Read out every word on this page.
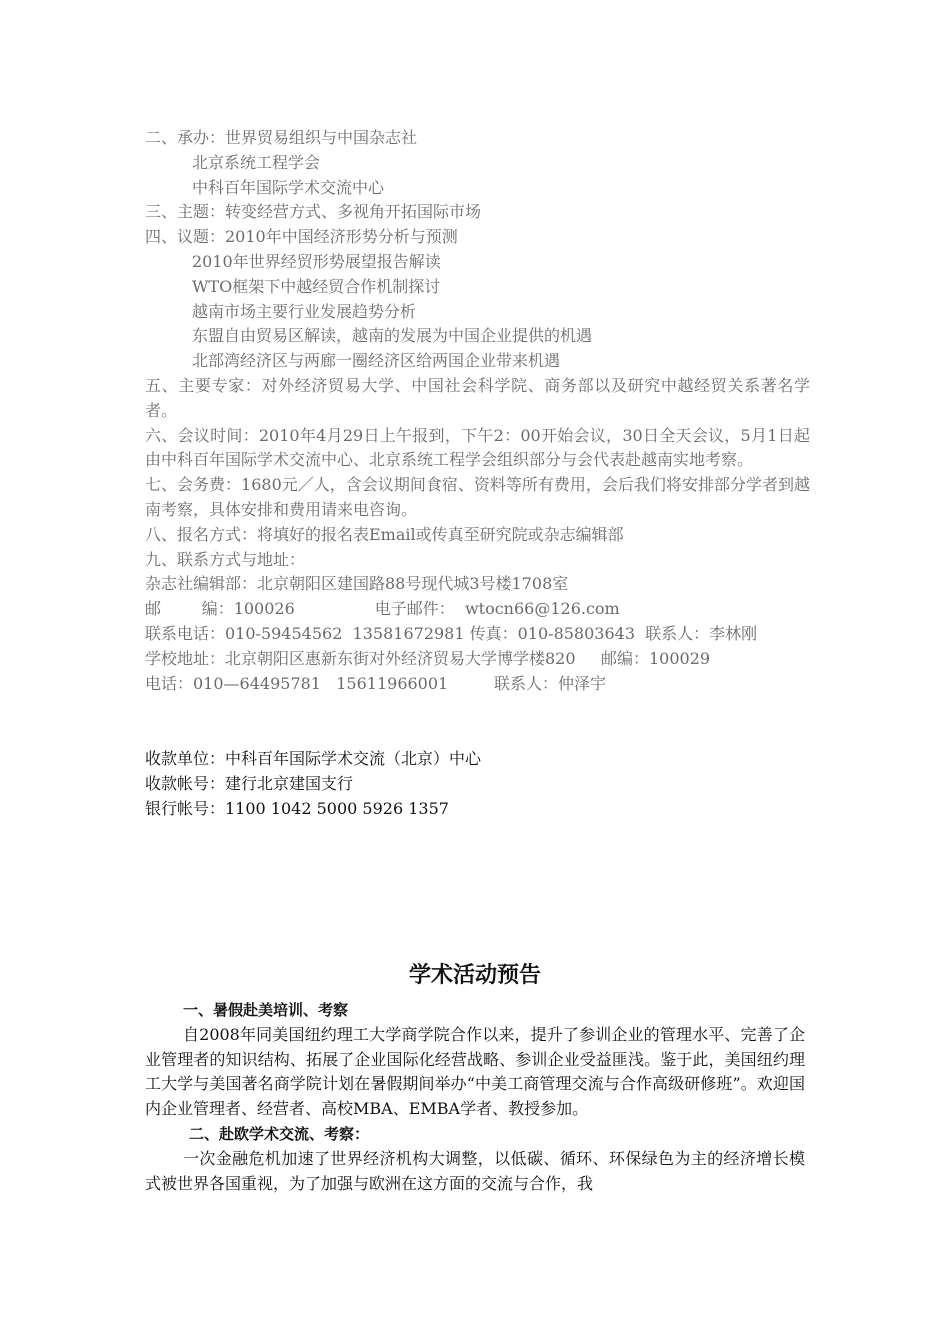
二、承办：世界贸易组织与中国杂志社
北京系统工程学会
中科百年国际学术交流中心
三、主题：转变经营方式、多视角开拓国际市场
四、议题：2010年中国经济形势分析与预测
2010年世界经贸形势展望报告解读
WTO框架下中越经贸合作机制探讨
越南市场主要行业发展趋势分析
东盟自由贸易区解读，越南的发展为中国企业提供的机遇
北部湾经济区与两廊一圈经济区给两国企业带来机遇
五、主要专家：对外经济贸易大学、中国社会科学院、商务部以及研究中越经贸关系著名学者。
六、会议时间：2010年4月29日上午报到，下午2：00开始会议，30日全天会议，5月1日起由中科百年国际学术交流中心、北京系统工程学会组织部分与会代表赴越南实地考察。
七、会务费：1680元／人，含会议期间食宿、资料等所有费用，会后我们将安排部分学者到越南考察，具体安排和费用请来电咨询。
八、报名方式：将填好的报名表Email或传真至研究院或杂志编辑部
九、联系方式与地址：
杂志社编辑部：北京朝阳区建国路88号现代城3号楼1708室
邮        编：100026	电子邮件：  wtocn66@126.com
联系电话：010-59454562  13581672981 传真：010-85803643  联系人：李林刚
学校地址：北京朝阳区惠新东街对外经济贸易大学博学楼820     邮编：100029
电话：010—64495781   15611966001         联系人：仲泽宇
收款单位：中科百年国际学术交流（北京）中心
收款帐号：建行北京建国支行
银行帐号：1100 1042 5000 5926 1357
学术活动预告
一、暑假赴美培训、考察
自2008年同美国纽约理工大学商学院合作以来，提升了参训企业的管理水平、完善了企业管理者的知识结构、拓展了企业国际化经营战略、参训企业受益匪浅。鉴于此，美国纽约理工大学与美国著名商学院计划在暑假期间举办“中美工商管理交流与合作高级研修班”。欢迎国内企业管理者、经营者、高校MBA、EMBA学者、教授参加。
二、赴欧学术交流、考察：
一次金融危机加速了世界经济机构大调整，以低碳、循环、环保绿色为主的经济增长模式被世界各国重视，为了加强与欧洲在这方面的交流与合作，我
